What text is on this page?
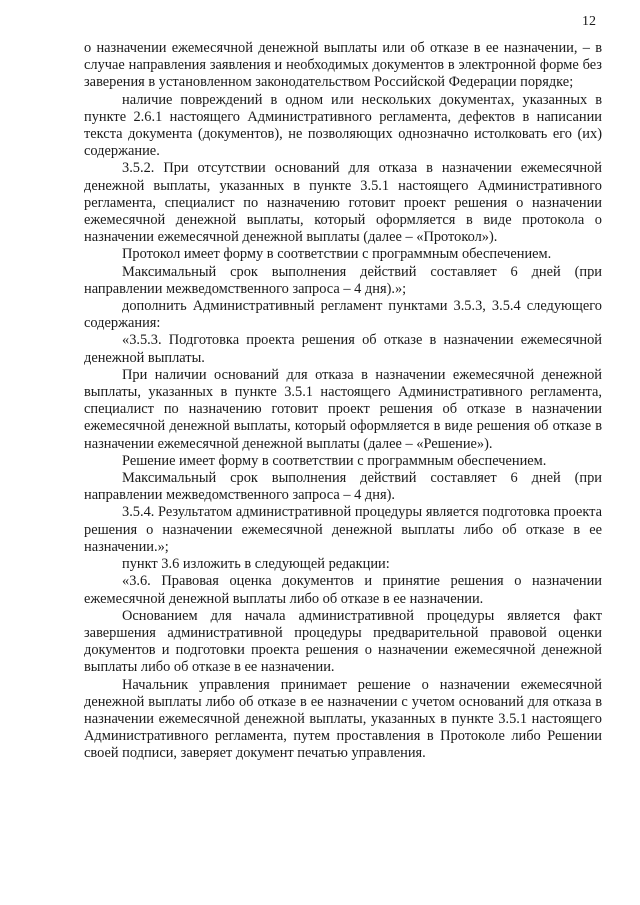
12

о назначении ежемесячной денежной выплаты или об отказе в ее назначении, – в случае направления заявления и необходимых документов в электронной форме без заверения в установленном законодательством Российской Федерации порядке;

наличие повреждений в одном или нескольких документах, указанных в пункте 2.6.1 настоящего Административного регламента, дефектов в написании текста документа (документов), не позволяющих однозначно истолковать его (их) содержание.

3.5.2. При отсутствии оснований для отказа в назначении ежемесячной денежной выплаты, указанных в пункте 3.5.1 настоящего Административного регламента, специалист по назначению готовит проект решения о назначении ежемесячной денежной выплаты, который оформляется в виде протокола о назначении ежемесячной денежной выплаты (далее – «Протокол»).

Протокол имеет форму в соответствии с программным обеспечением.

Максимальный срок выполнения действий составляет 6 дней (при направлении межведомственного запроса – 4 дня).»;

дополнить Административный регламент пунктами 3.5.3, 3.5.4 следующего содержания:

«3.5.3. Подготовка проекта решения об отказе в назначении ежемесячной денежной выплаты.

При наличии оснований для отказа в назначении ежемесячной денежной выплаты, указанных в пункте 3.5.1 настоящего Административного регламента, специалист по назначению готовит проект решения об отказе в назначении ежемесячной денежной выплаты, который оформляется в виде решения об отказе в назначении ежемесячной денежной выплаты (далее – «Решение»).

Решение имеет форму в соответствии с программным обеспечением.

Максимальный срок выполнения действий составляет 6 дней (при направлении межведомственного запроса – 4 дня).

3.5.4. Результатом административной процедуры является подготовка проекта решения о назначении ежемесячной денежной выплаты либо об отказе в ее назначении.»;

пункт 3.6 изложить в следующей редакции:

«3.6. Правовая оценка документов и принятие решения о назначении ежемесячной денежной выплаты либо об отказе в ее назначении.

Основанием для начала административной процедуры является факт завершения административной процедуры предварительной правовой оценки документов и подготовки проекта решения о назначении ежемесячной денежной выплаты либо об отказе в ее назначении.

Начальник управления принимает решение о назначении ежемесячной денежной выплаты либо об отказе в ее назначении с учетом оснований для отказа в назначении ежемесячной денежной выплаты, указанных в пункте 3.5.1 настоящего Административного регламента, путем проставления в Протоколе либо Решении своей подписи, заверяет документ печатью управления.
